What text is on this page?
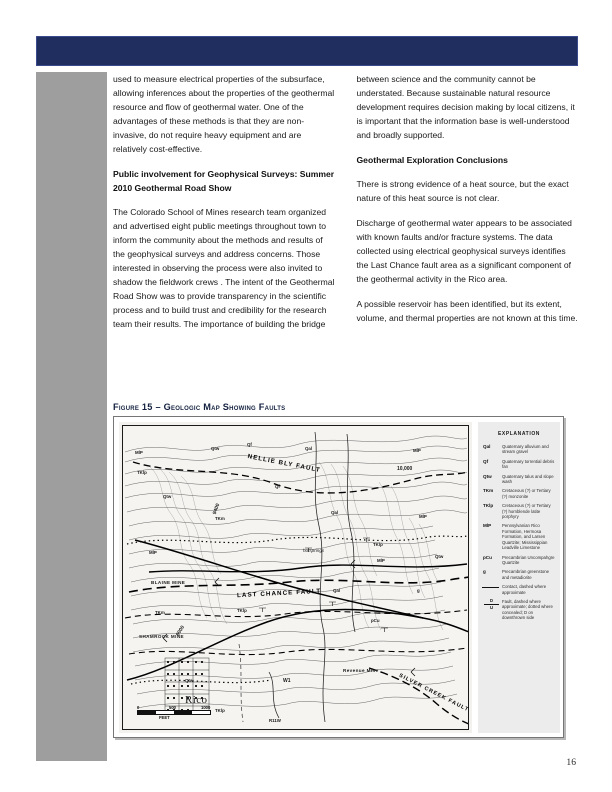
used to measure electrical properties of the subsurface, allowing inferences about the properties of the geothermal resource and flow of geothermal water. One of the advantages of these methods is that they are non-invasive, do not require heavy equipment and are relatively cost-effective.

Public involvement for Geophysical Surveys: Summer 2010 Geothermal Road Show

The Colorado School of Mines research team organized and advertised eight public meetings throughout town to inform the community about the methods and results of the geophysical surveys and address concerns. Those interested in observing the process were also invited to shadow the fieldwork crews . The intent of the Geothermal Road Show was to provide transparency in the scientific process and to build trust and credibility for the research team their results. The importance of building the bridge

between science and the community cannot be understated. Because sustainable natural resource development requires decision making by local citizens, it is important that the information base is well-understood and broadly supported.

Geothermal Exploration Conclusions

There is strong evidence of a heat source, but the exact nature of this heat source is not clear.

Discharge of geothermal water appears to be associated with known faults and/or fracture systems. The data collected using electrical geophysical surveys identifies the Last Chance fault area as a significant component of the geothermal activity in the Rico area.

A possible reservoir has been identified, but its extent, volume, and thermal properties are not known at this time.

Figure 15 – Geologic Map Showing Faults
NELLIE BLY FAULT
LAST CHANCE FAULT
SILVER CREEK FAULT
Rico
SHAMROCK MINE
BLAINE MINE
Revenue Mine
hotsprings
10,000
9400
9000
R11W
W1
MlP
TKlp
Qtw
MlP
TKm
Qtw
Qf
Qf
TKm
Qal
Qal
TKlp
MlP
Qal	MlP
MlP
Qtw
pCu
g
Qtw
TKlp
TKlp
0	500	1000
FEET
EXPLANATION
Qal	Quaternary alluvium and stream gravel
Qf	Quaternary torrential debris fan
Qtw	Quaternary talus and slope wash
TKm	Cretaceous (?) or Tertiary (?) monzonite
TKlp	Cretaceous (?) or Tertiary (?) hornblende latite porphyry
MlP	Pennsylvanian Rico Formation, Hermosa Formation, and Larsen Quartzite; Mississippian Leadville Limestone
pCu	Precambrian Uncompahgre Quartzite
g	Precambrian greenstone and metadiorite
Contact, dashed where approximate
D
U
Fault, dashed where approximate; dotted where concealed; D on downthrown side
16
